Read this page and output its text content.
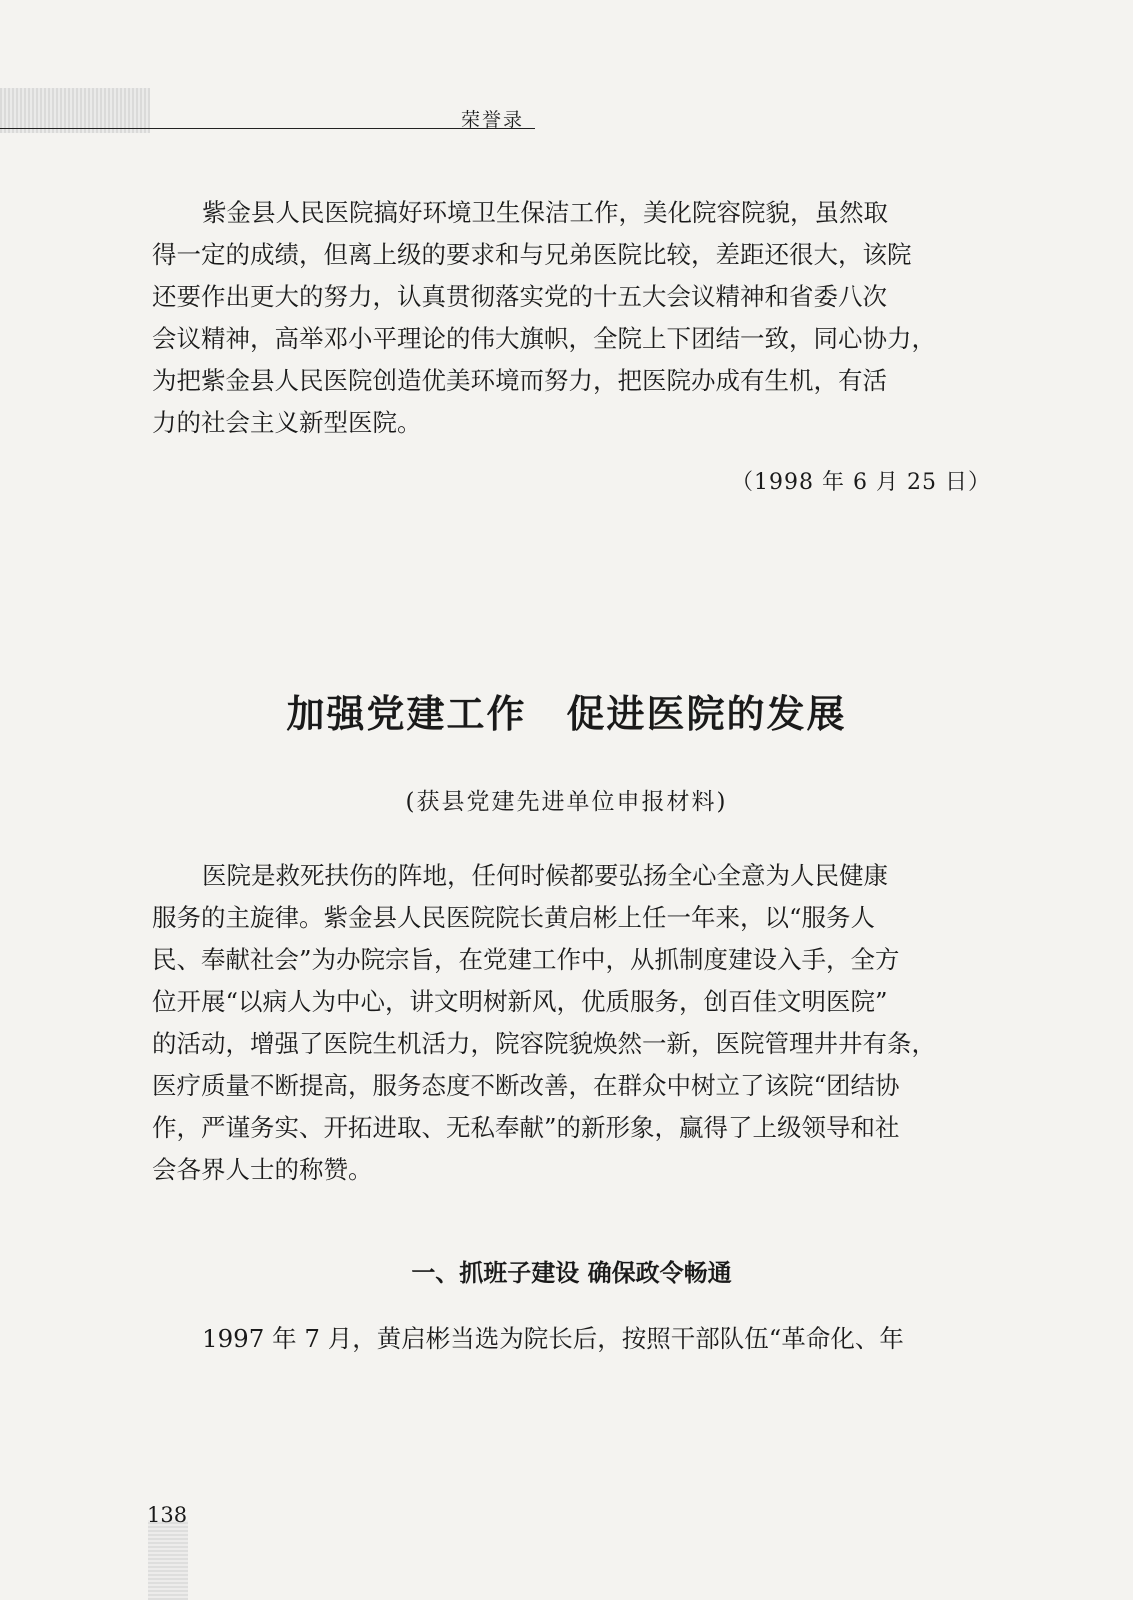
荣誉录
紫金县人民医院搞好环境卫生保洁工作，美化院容院貌，虽然取
得一定的成绩，但离上级的要求和与兄弟医院比较，差距还很大，该院
还要作出更大的努力，认真贯彻落实党的十五大会议精神和省委八次
会议精神，高举邓小平理论的伟大旗帜，全院上下团结一致，同心协力，
为把紫金县人民医院创造优美环境而努力，把医院办成有生机，有活
力的社会主义新型医院。
（1998 年 6 月 25 日）
加强党建工作　促进医院的发展
(获县党建先进单位申报材料)
医院是救死扶伤的阵地，任何时候都要弘扬全心全意为人民健康
服务的主旋律。紫金县人民医院院长黄启彬上任一年来，以“服务人
民、奉献社会”为办院宗旨，在党建工作中，从抓制度建设入手，全方
位开展“以病人为中心，讲文明树新风，优质服务，创百佳文明医院”
的活动，增强了医院生机活力，院容院貌焕然一新，医院管理井井有条，
医疗质量不断提高，服务态度不断改善，在群众中树立了该院“团结协
作，严谨务实、开拓进取、无私奉献”的新形象，赢得了上级领导和社
会各界人士的称赞。
一、抓班子建设 确保政令畅通
1997 年 7 月，黄启彬当选为院长后，按照干部队伍“革命化、年
138
